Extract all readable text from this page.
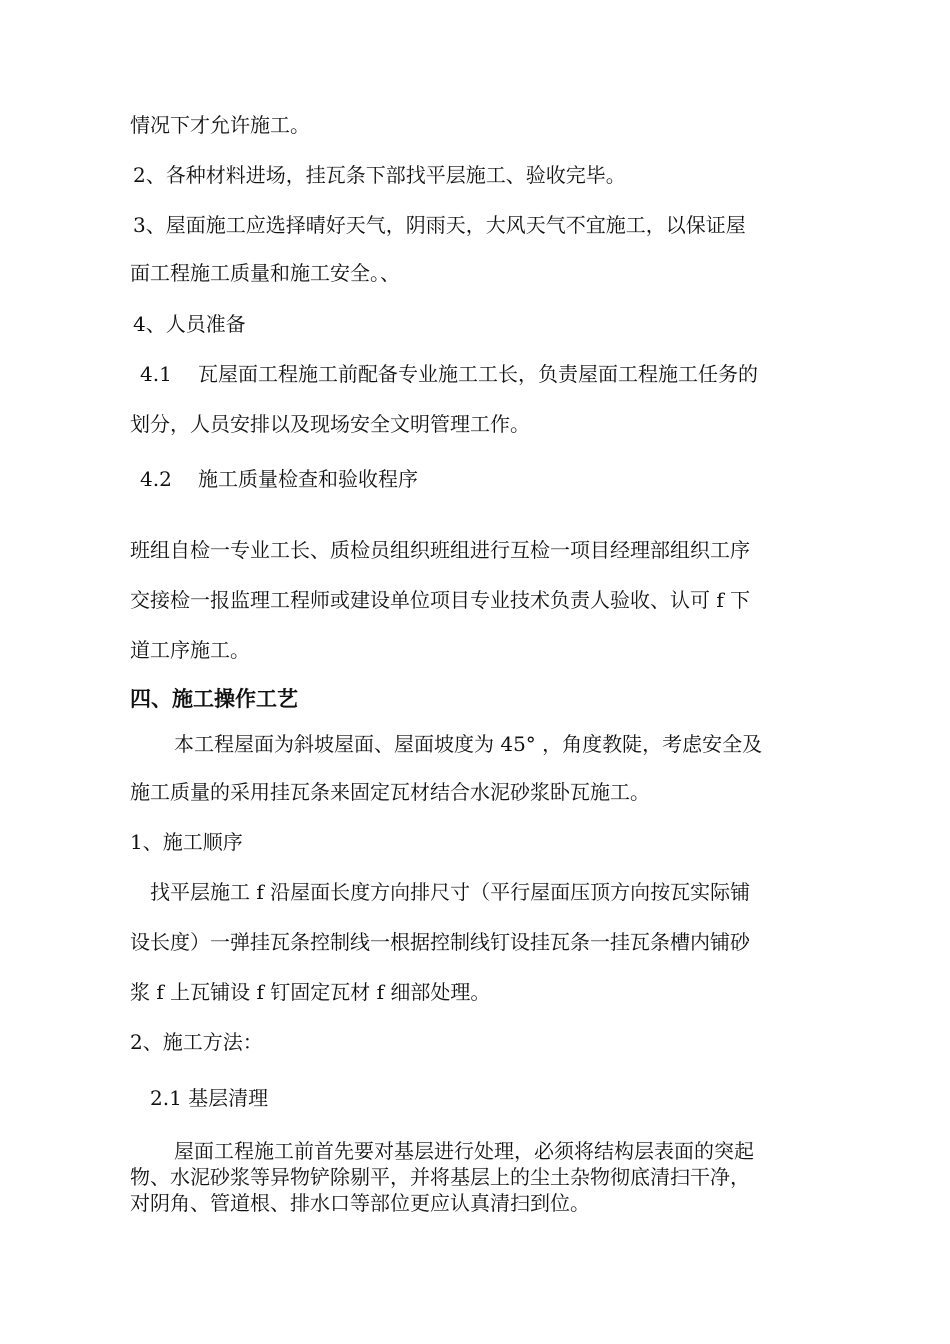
情况下才允许施工。
2、各种材料进场，挂瓦条下部找平层施工、验收完毕。
3、屋面施工应选择晴好天气，阴雨天，大风天气不宜施工，以保证屋
面工程施工质量和施工安全。、
4、人员准备
4.1 瓦屋面工程施工前配备专业施工工长，负责屋面工程施工任务的
划分，人员安排以及现场安全文明管理工作。
4.2 施工质量检查和验收程序
班组自检一专业工长、质检员组织班组进行互检一项目经理部组织工序
交接检一报监理工程师或建设单位项目专业技术负责人验收、认可 f 下
道工序施工。
四、施工操作工艺
本工程屋面为斜坡屋面、屋面坡度为 45° ，角度教陡，考虑安全及
施工质量的采用挂瓦条来固定瓦材结合水泥砂浆卧瓦施工。
1、施工顺序
找平层施工 f 沿屋面长度方向排尺寸（平行屋面压顶方向按瓦实际铺
设长度）一弹挂瓦条控制线一根据控制线钉设挂瓦条一挂瓦条槽内铺砂
浆 f 上瓦铺设 f 钉固定瓦材 f 细部处理。
2、施工方法：
2.1 基层清理
屋面工程施工前首先要对基层进行处理，必须将结构层表面的突起
物、水泥砂浆等异物铲除剔平，并将基层上的尘土杂物彻底清扫干净，
对阴角、管道根、排水口等部位更应认真清扫到位。
